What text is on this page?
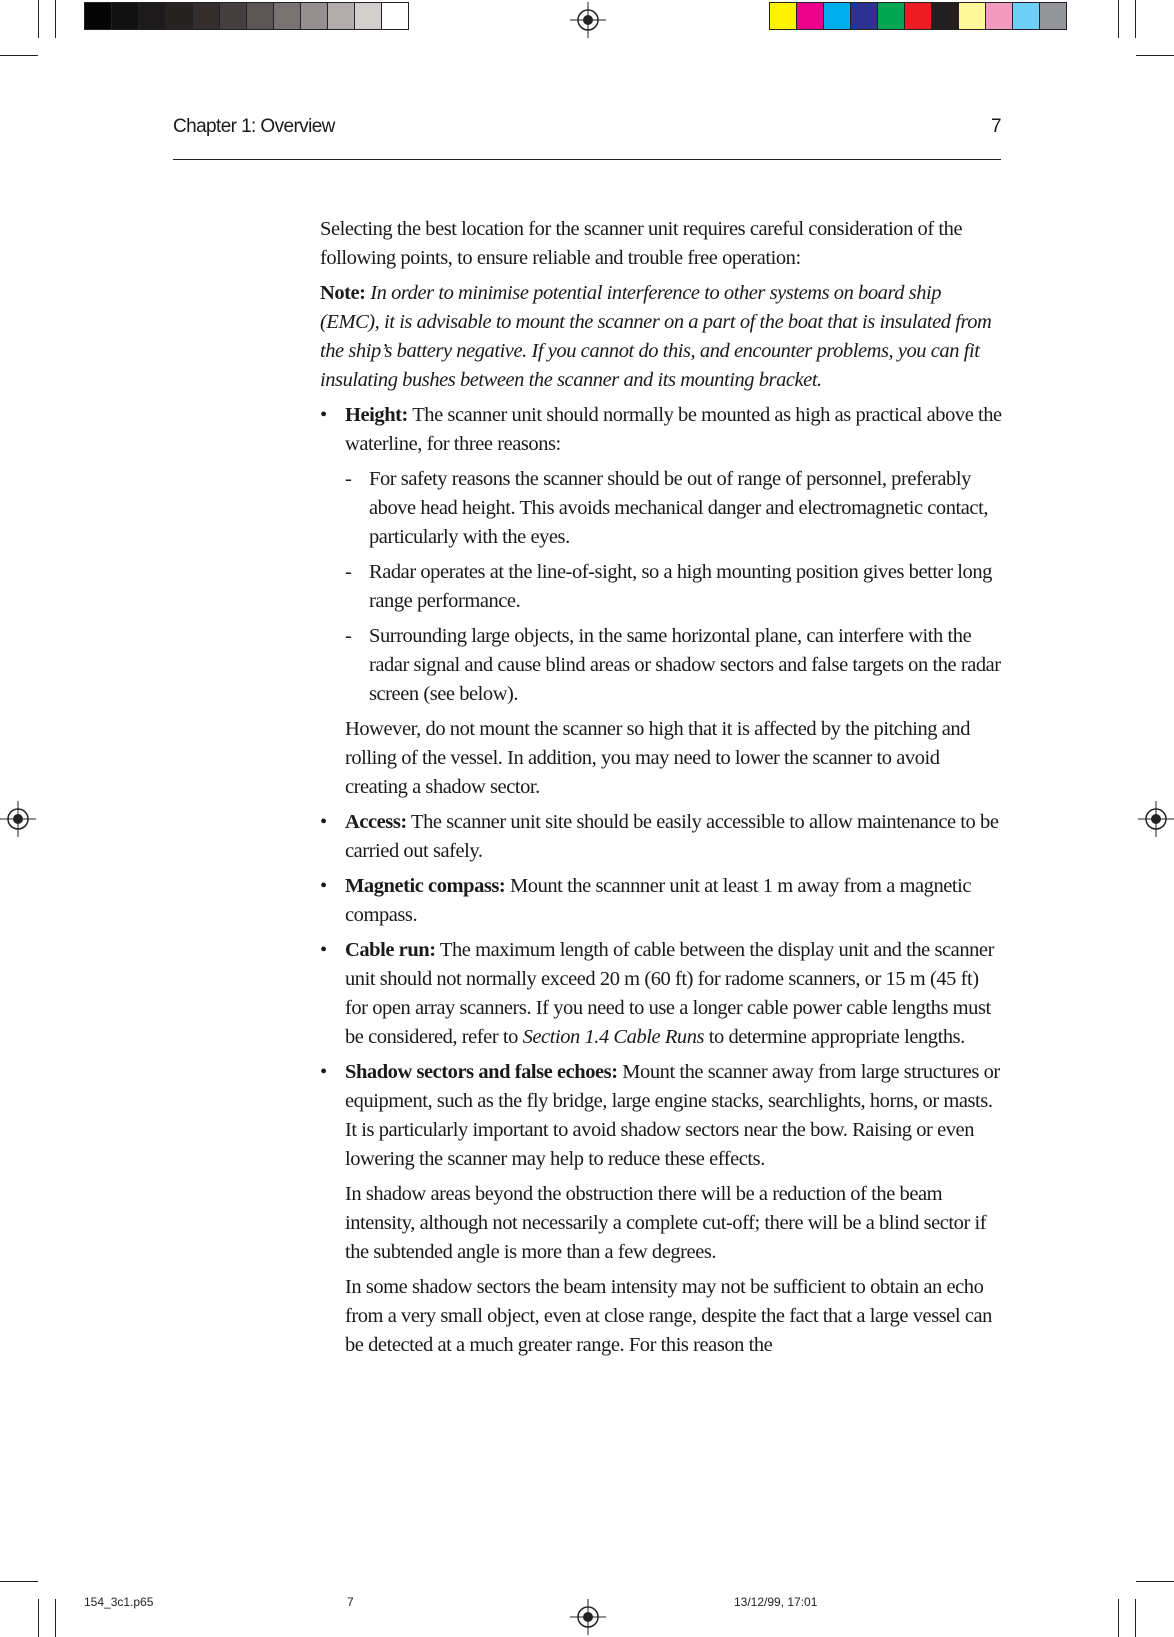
Chapter 1: Overview	7

Selecting the best location for the scanner unit requires careful consideration of the following points, to ensure reliable and trouble free operation:

Note: In order to minimise potential interference to other systems on board ship (EMC), it is advisable to mount the scanner on a part of the boat that is insulated from the ship’s battery negative. If you cannot do this, and encounter problems, you can fit insulating bushes between the scanner and its mounting bracket.

• Height: The scanner unit should normally be mounted as high as practical above the waterline, for three reasons:
- For safety reasons the scanner should be out of range of personnel, preferably above head height. This avoids mechanical danger and electromagnetic contact, particularly with the eyes.
- Radar operates at the line-of-sight, so a high mounting position gives better long range performance.
- Surrounding large objects, in the same horizontal plane, can interfere with the radar signal and cause blind areas or shadow sectors and false targets on the radar screen (see below).

However, do not mount the scanner so high that it is affected by the pitching and rolling of the vessel. In addition, you may need to lower the scanner to avoid creating a shadow sector.

• Access: The scanner unit site should be easily accessible to allow maintenance to be carried out safely.
• Magnetic compass: Mount the scannner unit at least 1 m away from a magnetic compass.
• Cable run: The maximum length of cable between the display unit and the scanner unit should not normally exceed 20 m (60 ft) for radome scanners, or 15 m (45 ft) for open array scanners. If you need to use a longer cable power cable lengths must be considered, refer to Section 1.4 Cable Runs to determine appropriate lengths.
• Shadow sectors and false echoes: Mount the scanner away from large structures or equipment, such as the fly bridge, large engine stacks, searchlights, horns, or masts. It is particularly important to avoid shadow sectors near the bow. Raising or even lowering the scanner may help to reduce these effects.

In shadow areas beyond the obstruction there will be a reduction of the beam intensity, although not necessarily a complete cut-off; there will be a blind sector if the subtended angle is more than a few degrees.

In some shadow sectors the beam intensity may not be sufficient to obtain an echo from a very small object, even at close range, despite the fact that a large vessel can be detected at a much greater range. For this reason the

154_3c1.p65	7	13/12/99, 17:01
